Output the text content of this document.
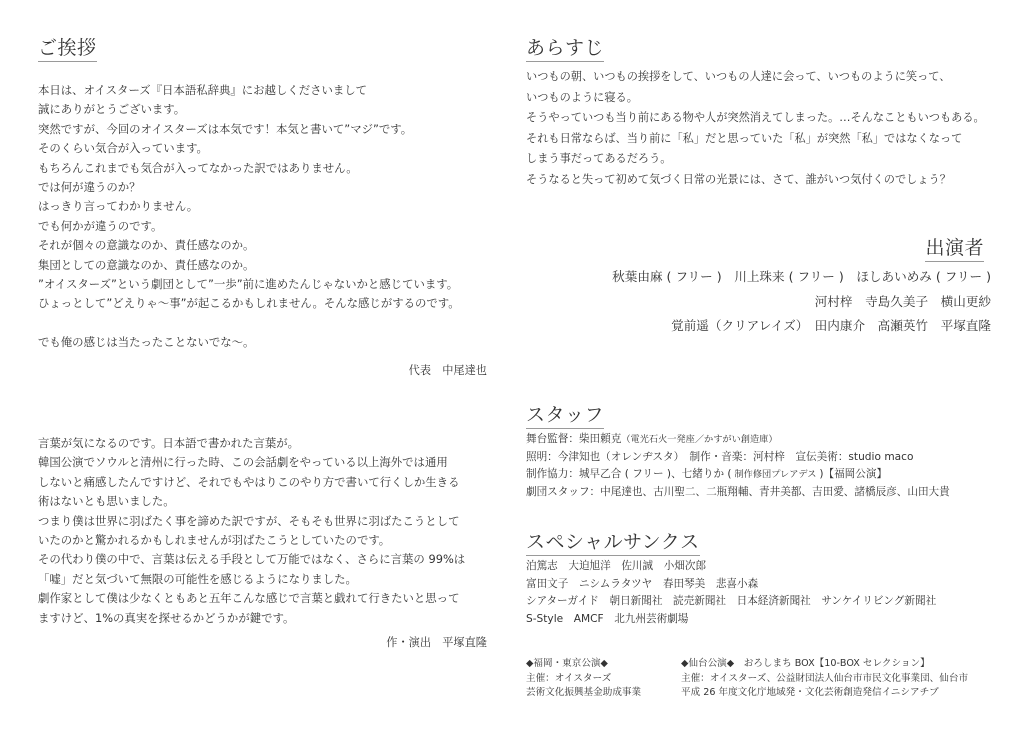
ご挨拶
本日は、オイスターズ『日本語私辞典』にお越しくださいまして
誠にありがとうございます。
突然ですが、今回のオイスターズは本気です！本気と書いて”マジ”です。
そのくらい気合が入っています。
もちろんこれまでも気合が入ってなかった訳ではありません。
では何が違うのか？
はっきり言ってわかりません。
でも何かが違うのです。
それが個々の意識なのか、責任感なのか。
集団としての意識なのか、責任感なのか。
”オイスターズ”という劇団として”一歩”前に進めたんじゃないかと感じています。
ひょっとして”どえりゃ～事”が起こるかもしれません。そんな感じがするのです。
でも俺の感じは当たったことないでな～。
代表　中尾達也
言葉が気になるのです。日本語で書かれた言葉が。
韓国公演でソウルと清州に行った時、この会話劇をやっている以上海外では通用
しないと痛感したんですけど、それでもやはりこのやり方で書いて行くしか生きる
術はないとも思いました。
つまり僕は世界に羽ばたく事を諦めた訳ですが、そもそも世界に羽ばたこうとして
いたのかと驚かれるかもしれませんが羽ばたこうとしていたのです。
その代わり僕の中で、言葉は伝える手段として万能ではなく、さらに言葉の 99%は
「嘘」だと気づいて無限の可能性を感じるようになりました。
劇作家として僕は少なくともあと五年こんな感じで言葉と戯れて行きたいと思って
ますけど、1%の真実を探せるかどうかが鍵です。
作・演出　平塚直隆
あらすじ
いつもの朝、いつもの挨拶をして、いつもの人達に会って、いつものように笑って、
いつものように寝る。
そうやっていつも当り前にある物や人が突然消えてしまった。…そんなこともいつもある。
それも日常ならば、当り前に「私」だと思っていた「私」が突然「私」ではなくなって
しまう事だってあるだろう。
そうなると失って初めて気づく日常の光景には、さて、誰がいつ気付くのでしょう？
出演者
秋葉由麻 ( フリー )　川上珠来 ( フリー )　ほしあいめみ ( フリー )
河村梓　寺島久美子　横山更紗
覚前遥（クリアレイズ）　田内康介　高瀬英竹　平塚直隆
スタッフ
舞台監督：柴田頼克（電光石火一発座／かすがい創造庫）
照明：今津知也（オレンヂスタ）　制作・音楽：河村梓　宣伝美術：studio maco
制作協力：城早乙合 ( フリー )、七緒りか ( 制作修団プレアデス )【福岡公演】
劇団スタッフ：中尾達也、古川聖二、二瓶翔輔、青井美都、吉田愛、諸橋辰彦、山田大貴
スペシャルサンクス
泊篤志　大迫旭洋　佐川誠　小畑次郎
富田文子　ニシムラタツヤ　春田琴美　悲喜小森
シアターガイド　朝日新聞社　読売新聞社　日本経済新聞社　サンケイリビング新聞社
S-Style　AMCF　北九州芸術劇場
◆福岡・東京公演◆
主催：オイスターズ
芸術文化振興基金助成事業
◆仙台公演◆　おろしまち BOX【10-BOX セレクション】
主催：オイスターズ、公益財団法人仙台市市民文化事業団、仙台市
平成 26 年度文化庁地域発・文化芸術創造発信イニシアチブ
